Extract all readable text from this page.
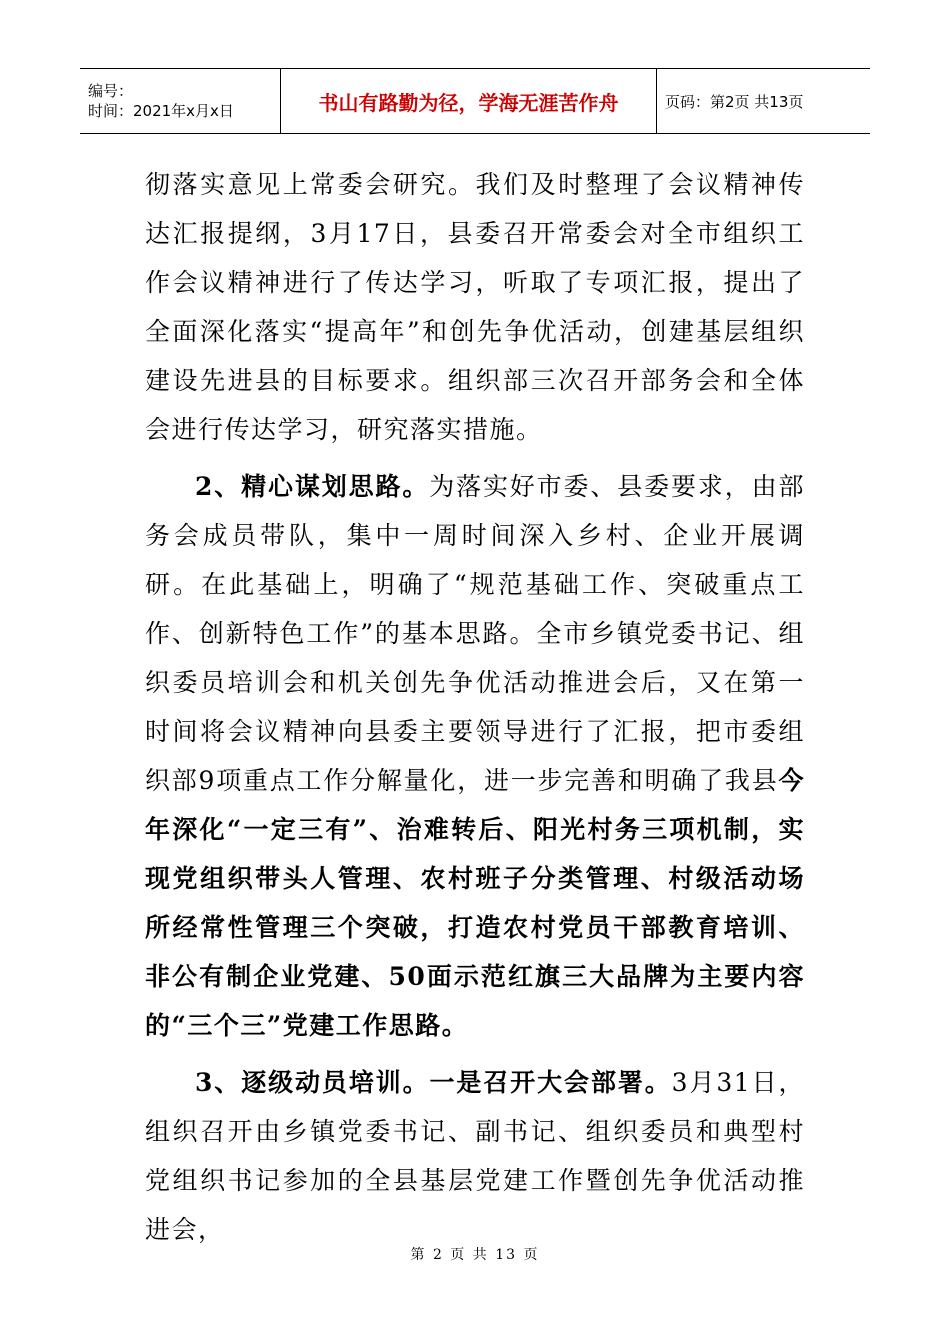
编号：
时间：2021年x月x日	书山有路勤为径，学海无涯苦作舟	页码：第2页 共13页

彻落实意见上常委会研究。我们及时整理了会议精神传达汇报提纲，3月17日，县委召开常委会对全市组织工作会议精神进行了传达学习，听取了专项汇报，提出了全面深化落实“提高年”和创先争优活动，创建基层组织建设先进县的目标要求。组织部三次召开部务会和全体会进行传达学习，研究落实措施。

2、精心谋划思路。为落实好市委、县委要求，由部务会成员带队，集中一周时间深入乡村、企业开展调研。在此基础上，明确了“规范基础工作、突破重点工作、创新特色工作”的基本思路。全市乡镇党委书记、组织委员培训会和机关创先争优活动推进会后，又在第一时间将会议精神向县委主要领导进行了汇报，把市委组织部9项重点工作分解量化，进一步完善和明确了我县今年深化“一定三有”、治难转后、阳光村务三项机制，实现党组织带头人管理、农村班子分类管理、村级活动场所经常性管理三个突破，打造农村党员干部教育培训、非公有制企业党建、50面示范红旗三大品牌为主要内容的“三个三”党建工作思路。

3、逐级动员培训。一是召开大会部署。3月31日，组织召开由乡镇党委书记、副书记、组织委员和典型村党组织书记参加的全县基层党建工作暨创先争优活动推进会，

第 2 页 共 13 页
